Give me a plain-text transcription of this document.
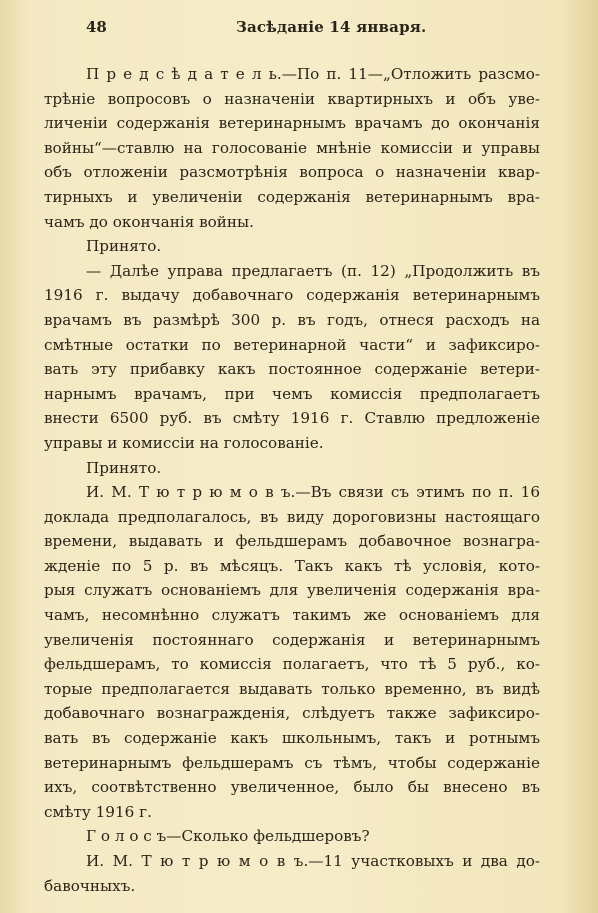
48	Засѣданіе 14 января.
П р е д с ѣ д а т е л ь.—По п. 11—„Отложить разсмо-
трѣніе вопросовъ о назначеніи квартирныхъ и объ уве-
личеніи содержанія ветеринарнымъ врачамъ до окончанія
войны“—ставлю на голосованіе мнѣніе комиссіи и управы
объ отложеніи разсмотрѣнія вопроса о назначеніи квар-
тирныхъ и увеличеніи содержанія ветеринарнымъ вра-
чамъ до окончанія войны.
Принято.
— Далѣе управа предлагаетъ (п. 12) „Продолжить въ
1916 г. выдачу добавочнаго содержанія ветеринарнымъ
врачамъ въ размѣрѣ 300 р. въ годъ, отнеся расходъ на
смѣтные остатки по ветеринарной части“ и зафиксиро-
вать эту прибавку какъ постоянное содержаніе ветери-
нарнымъ врачамъ, при чемъ комиссія предполагаетъ
внести 6500 руб. въ смѣту 1916 г. Ставлю предложеніе
управы и комиссіи на голосованіе.
Принято.
И. М. Т ю т р ю м о в ъ.—Въ связи съ этимъ по п. 16
доклада предполагалось, въ виду дороговизны настоящаго
времени, выдавать и фельдшерамъ добавочное вознагра-
жденіе по 5 р. въ мѣсяцъ. Такъ какъ тѣ условія, кото-
рыя служатъ основаніемъ для увеличенія содержанія вра-
чамъ, несомнѣнно служатъ такимъ же основаніемъ для
увеличенія постояннаго содержанія и ветеринарнымъ
фельдшерамъ, то комиссія полагаетъ, что тѣ 5 руб., ко-
торые предполагается выдавать только временно, въ видѣ
добавочнаго вознагражденія, слѣдуетъ также зафиксиро-
вать въ содержаніе какъ школьнымъ, такъ и ротнымъ
ветеринарнымъ фельдшерамъ съ тѣмъ, чтобы содержаніе
ихъ, соотвѣтственно увеличенное, было бы внесено въ
смѣту 1916 г.
Г о л о с ъ—Сколько фельдшеровъ?
И. М. Т ю т р ю м о в ъ.—11 участковыхъ и два до-
бавочныхъ.
